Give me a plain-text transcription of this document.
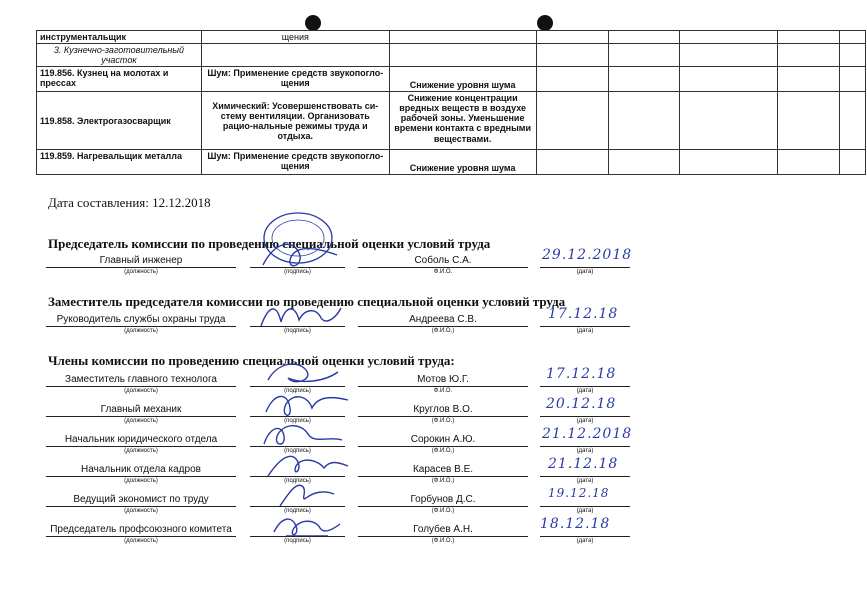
инструментальщик	щения						
3. Кузнечно-заготовительный участок							
119.856. Кузнец на молотах и прессах	Шум: Применение средств звукопогло-щения	Снижение уровня шума					
119.858. Электрогазосварщик	Химический: Усовершенствовать си-стему вентиляции. Организовать рацио-нальные режимы труда и отдыха.	Снижение концентрации вредных веществ в воздухе рабочей зоны. Уменьшение времени контакта с вредными веществами.					
119.859. Нагревальщик металла	Шум: Применение средств звукопогло-щения	Снижение уровня шума					
Дата составления: 12.12.2018
Председатель комиссии по проведению специальной оценки условий труда
Заместитель председателя комиссии по проведению специальной оценки условий труда
Члены комиссии по проведению специальной оценки условий труда:
Главный инженер
(должность)	(подпись)
Соболь С.А.
Ф.И.О.
29.12.2018
(дата)
Руководитель службы охраны труда
(должность)	(подпись)
Андреева С.В.
(Ф.И.О.)
17.12.18
(дата)
Заместитель главного технолога
(должность)	(подпись)
Мотов Ю.Г.
Ф.И.О.
17.12.18
(дата)
Главный механик
(должность)	(подпись)
Круглов В.О.
(Ф.И.О.)
20.12.18
(дата)
Начальник юридического отдела
(должность)	(подпись)
Сорокин А.Ю.
(Ф.И.О.)
21.12.2018
(дата)
Начальник отдела кадров
(должность)	(подпись)
Карасев В.Е.
(Ф.И.О.)
21.12.18
(дата)
Ведущий экономист по труду
(должность)	(подпись)
Горбунов Д.С.
(Ф.И.О.)
19.12.18
(дата)
Председатель профсоюзного комитета
(должность)	(подпись)
Голубев А.Н.
(Ф.И.О.)
18.12.18
(дата)
